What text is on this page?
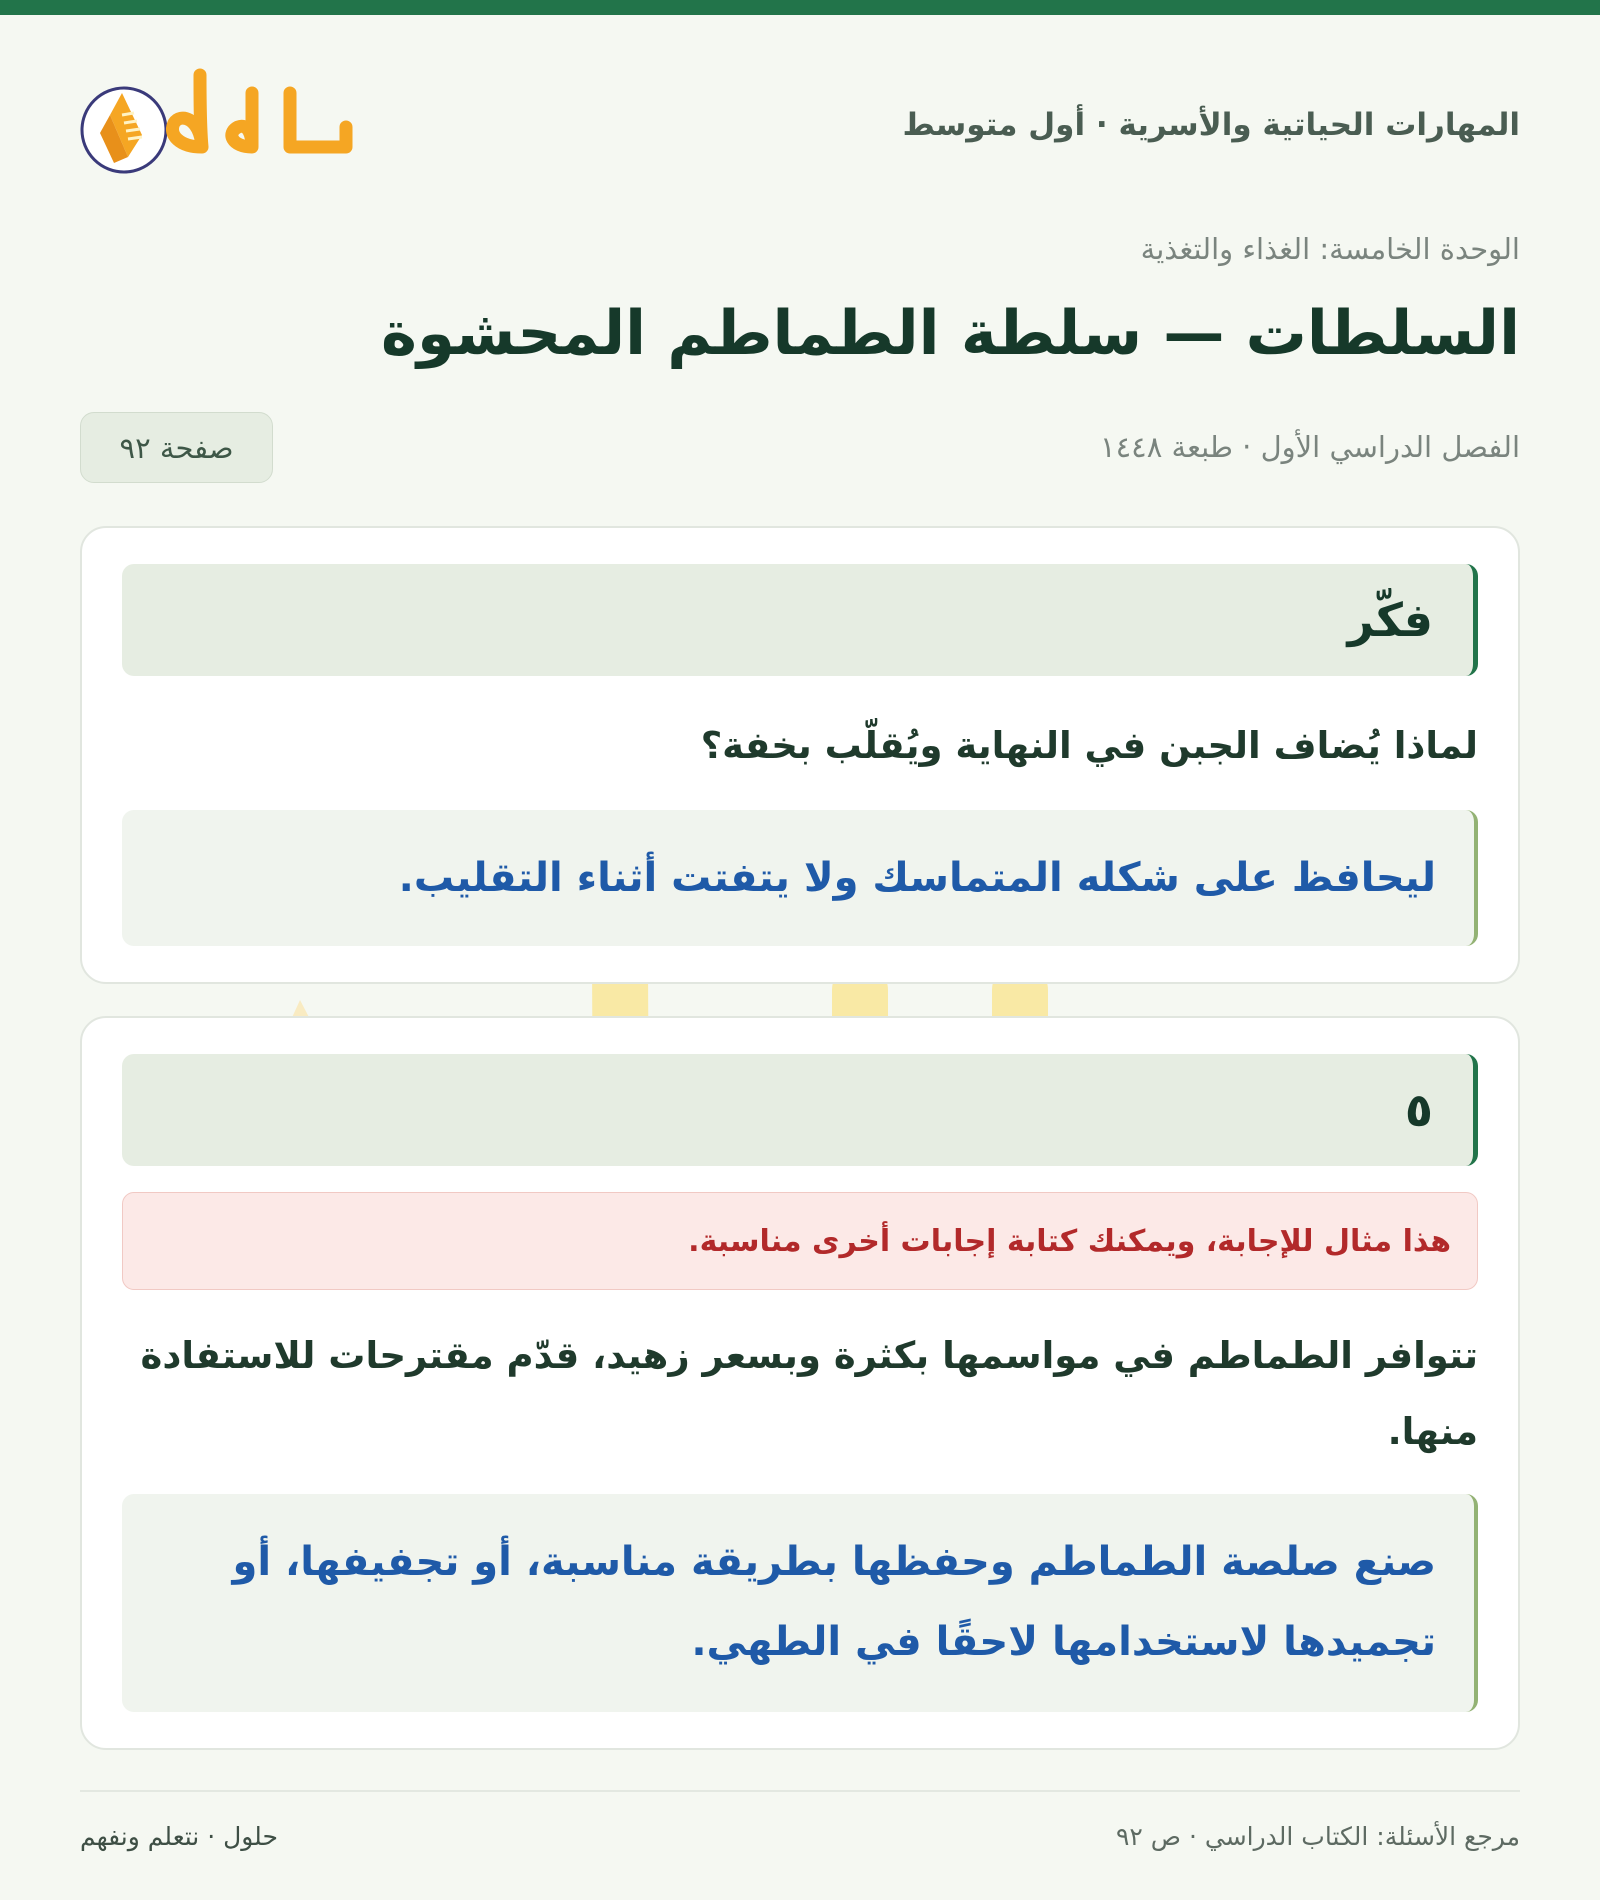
المهارات الحياتية والأسرية · أول متوسط
الوحدة الخامسة: الغذاء والتغذية
السلطات — سلطة الطماطم المحشوة
الفصل الدراسي الأول · طبعة ١٤٤٨
صفحة ٩٢
فكّر
لماذا يُضاف الجبن في النهاية ويُقلّب بخفة؟
ليحافظ على شكله المتماسك ولا يتفتت أثناء التقليب.
٥
هذا مثال للإجابة، ويمكنك كتابة إجابات أخرى مناسبة.
تتوافر الطماطم في مواسمها بكثرة وبسعر زهيد، قدّم مقترحات للاستفادة منها.
صنع صلصة الطماطم وحفظها بطريقة مناسبة، أو تجفيفها، أو تجميدها لاستخدامها لاحقًا في الطهي.
مرجع الأسئلة: الكتاب الدراسي · ص ٩٢
حلول · نتعلم ونفهم
